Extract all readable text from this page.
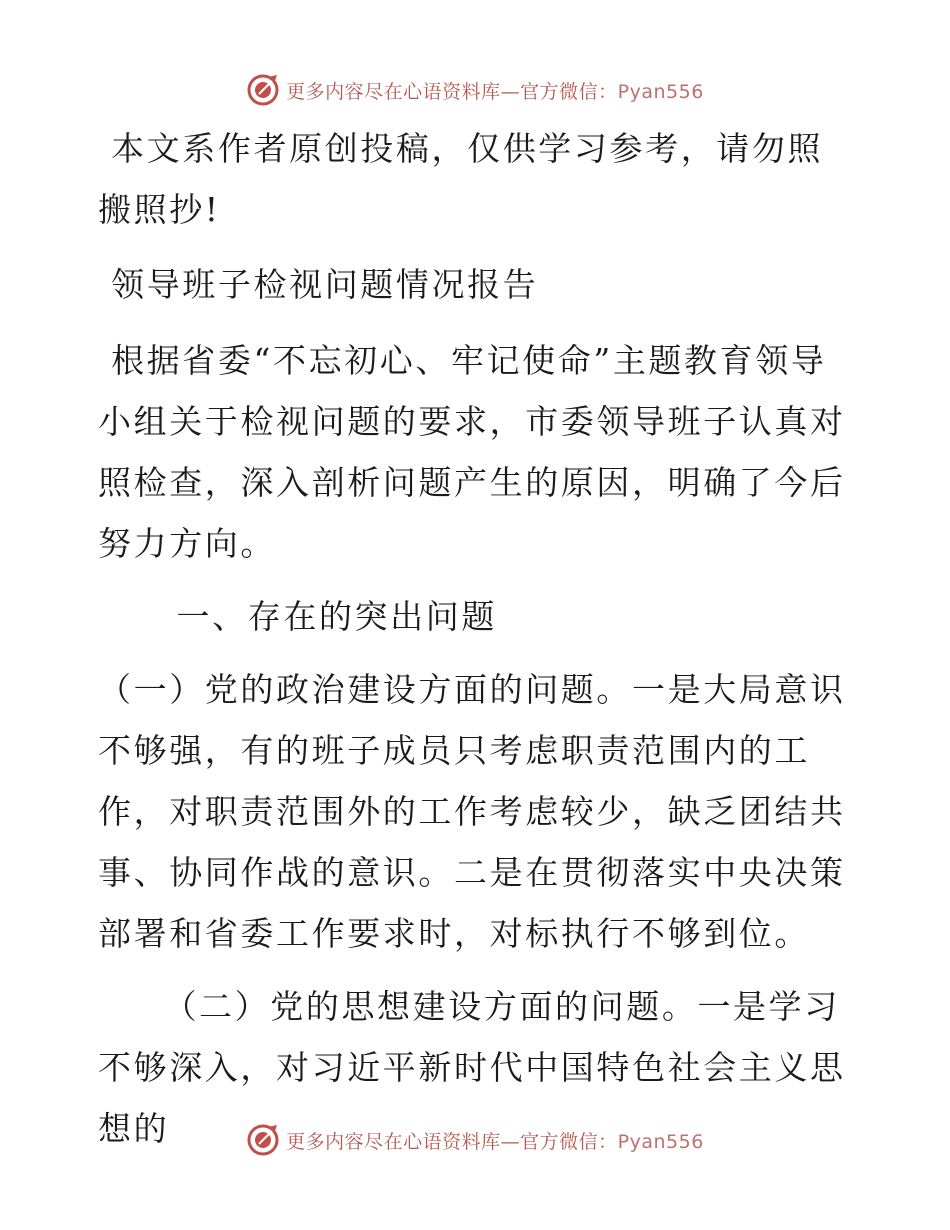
更多内容尽在心语资料库—官方微信：Pyan556

本文系作者原创投稿，仅供学习参考，请勿照搬照抄!

领导班子检视问题情况报告

根据省委“不忘初心、牢记使命”主题教育领导小组关于检视问题的要求，市委领导班子认真对照检查，深入剖析问题产生的原因，明确了今后努力方向。

一、存在的突出问题

（一）党的政治建设方面的问题。一是大局意识不够强，有的班子成员只考虑职责范围内的工作，对职责范围外的工作考虑较少，缺乏团结共事、协同作战的意识。二是在贯彻落实中央决策部署和省委工作要求时，对标执行不够到位。

（二）党的思想建设方面的问题。一是学习不够深入，对习近平新时代中国特色社会主义思想的	更多内容尽在心语资料库—官方微信：Pyan556
